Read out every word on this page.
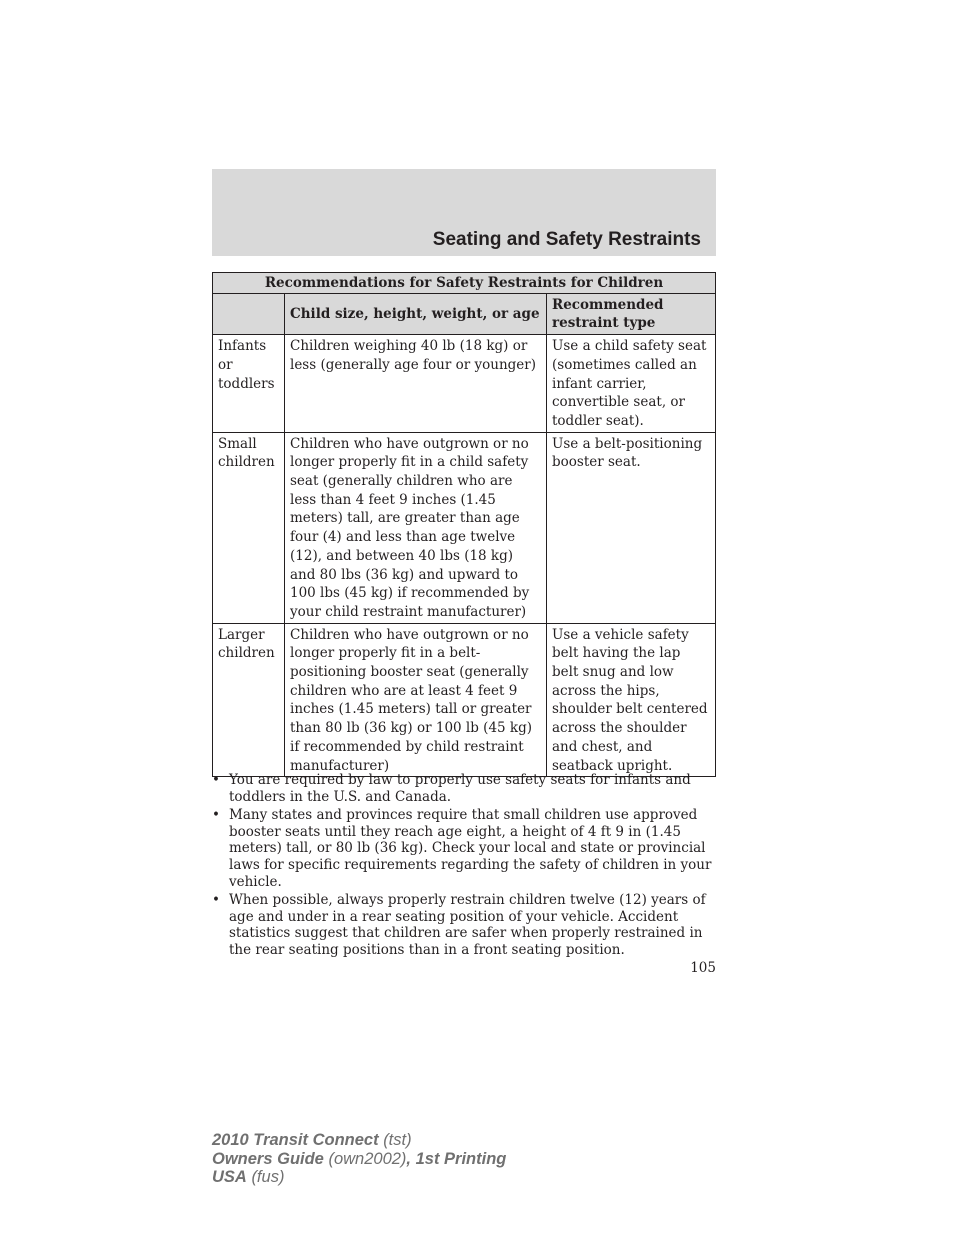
Seating and Safety Restraints
Recommendations for Safety Restraints for Children		
	Child size, height, weight, or age	Recommended restraint type
Infants or toddlers	Children weighing 40 lb (18 kg) or less (generally age four or younger)	Use a child safety seat (sometimes called an infant carrier, convertible seat, or toddler seat).
Small children	Children who have outgrown or no longer properly fit in a child safety seat (generally children who are less than 4 feet 9 inches (1.45 meters) tall, are greater than age four (4) and less than age twelve (12), and between 40 lbs (18 kg) and 80 lbs (36 kg) and upward to 100 lbs (45 kg) if recommended by your child restraint manufacturer)	Use a belt-positioning booster seat.
Larger children	Children who have outgrown or no longer properly fit in a belt-positioning booster seat (generally children who are at least 4 feet 9 inches (1.45 meters) tall or greater than 80 lb (36 kg) or 100 lb (45 kg) if recommended by child restraint manufacturer)	Use a vehicle safety belt having the lap belt snug and low across the hips, shoulder belt centered across the shoulder and chest, and seatback upright.
• You are required by law to properly use safety seats for infants and toddlers in the U.S. and Canada.
• Many states and provinces require that small children use approved booster seats until they reach age eight, a height of 4 ft 9 in (1.45 meters) tall, or 80 lb (36 kg). Check your local and state or provincial laws for specific requirements regarding the safety of children in your vehicle.
• When possible, always properly restrain children twelve (12) years of age and under in a rear seating position of your vehicle. Accident statistics suggest that children are safer when properly restrained in the rear seating positions than in a front seating position.
105
2010 Transit Connect (tst)
Owners Guide (own2002), 1st Printing
USA (fus)
